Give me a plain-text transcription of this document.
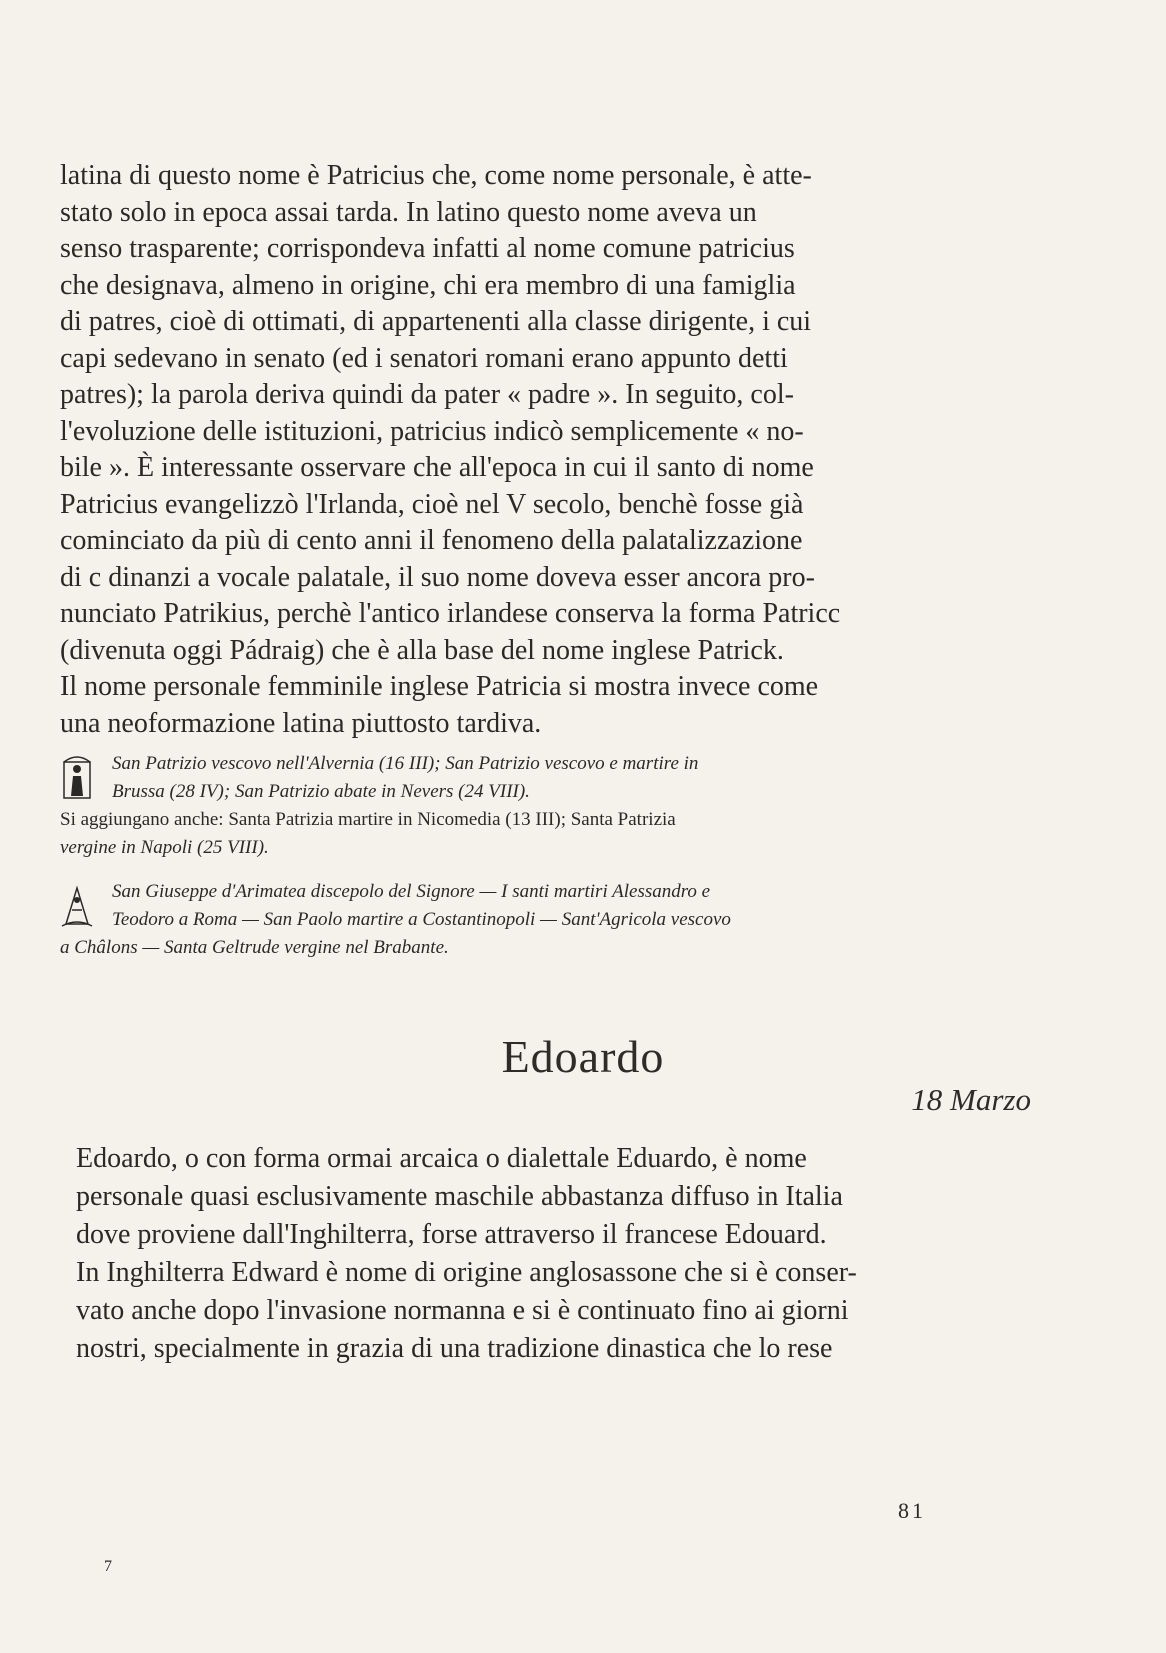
latina di questo nome è Patricius che, come nome personale, è atte-
stato solo in epoca assai tarda. In latino questo nome aveva un
senso trasparente; corrispondeva infatti al nome comune patricius
che designava, almeno in origine, chi era membro di una famiglia
di patres, cioè di ottimati, di appartenenti alla classe dirigente, i cui
capi sedevano in senato (ed i senatori romani erano appunto detti
patres); la parola deriva quindi da pater « padre ». In seguito, col-
l'evoluzione delle istituzioni, patricius indicò semplicemente « no-
bile ». È interessante osservare che all'epoca in cui il santo di nome
Patricius evangelizzò l'Irlanda, cioè nel V secolo, benchè fosse già
cominciato da più di cento anni il fenomeno della palatalizzazione
di c dinanzi a vocale palatale, il suo nome doveva esser ancora pro-
nunciato Patrikius, perchè l'antico irlandese conserva la forma Patricc
(divenuta oggi Pádraig) che è alla base del nome inglese Patrick.
Il nome personale femminile inglese Patricia si mostra invece come
una neoformazione latina piuttosto tardiva.
San Patrizio vescovo nell'Alvernia (16 III); San Patrizio vescovo e martire in
Brussa (28 IV); San Patrizio abate in Nevers (24 VIII).
Si aggiungano anche: Santa Patrizia martire in Nicomedia (13 III); Santa Patrizia
vergine in Napoli (25 VIII).
San Giuseppe d'Arimatea discepolo del Signore — I santi martiri Alessandro e
Teodoro a Roma — San Paolo martire a Costantinopoli — Sant'Agricola vescovo
a Châlons — Santa Geltrude vergine nel Brabante.
Edoardo
18 Marzo
Edoardo, o con forma ormai arcaica o dialettale Eduardo, è nome
personale quasi esclusivamente maschile abbastanza diffuso in Italia
dove proviene dall'Inghilterra, forse attraverso il francese Edouard.
In Inghilterra Edward è nome di origine anglosassone che si è conser-
vato anche dopo l'invasione normanna e si è continuato fino ai giorni
nostri, specialmente in grazia di una tradizione dinastica che lo rese
81
7
